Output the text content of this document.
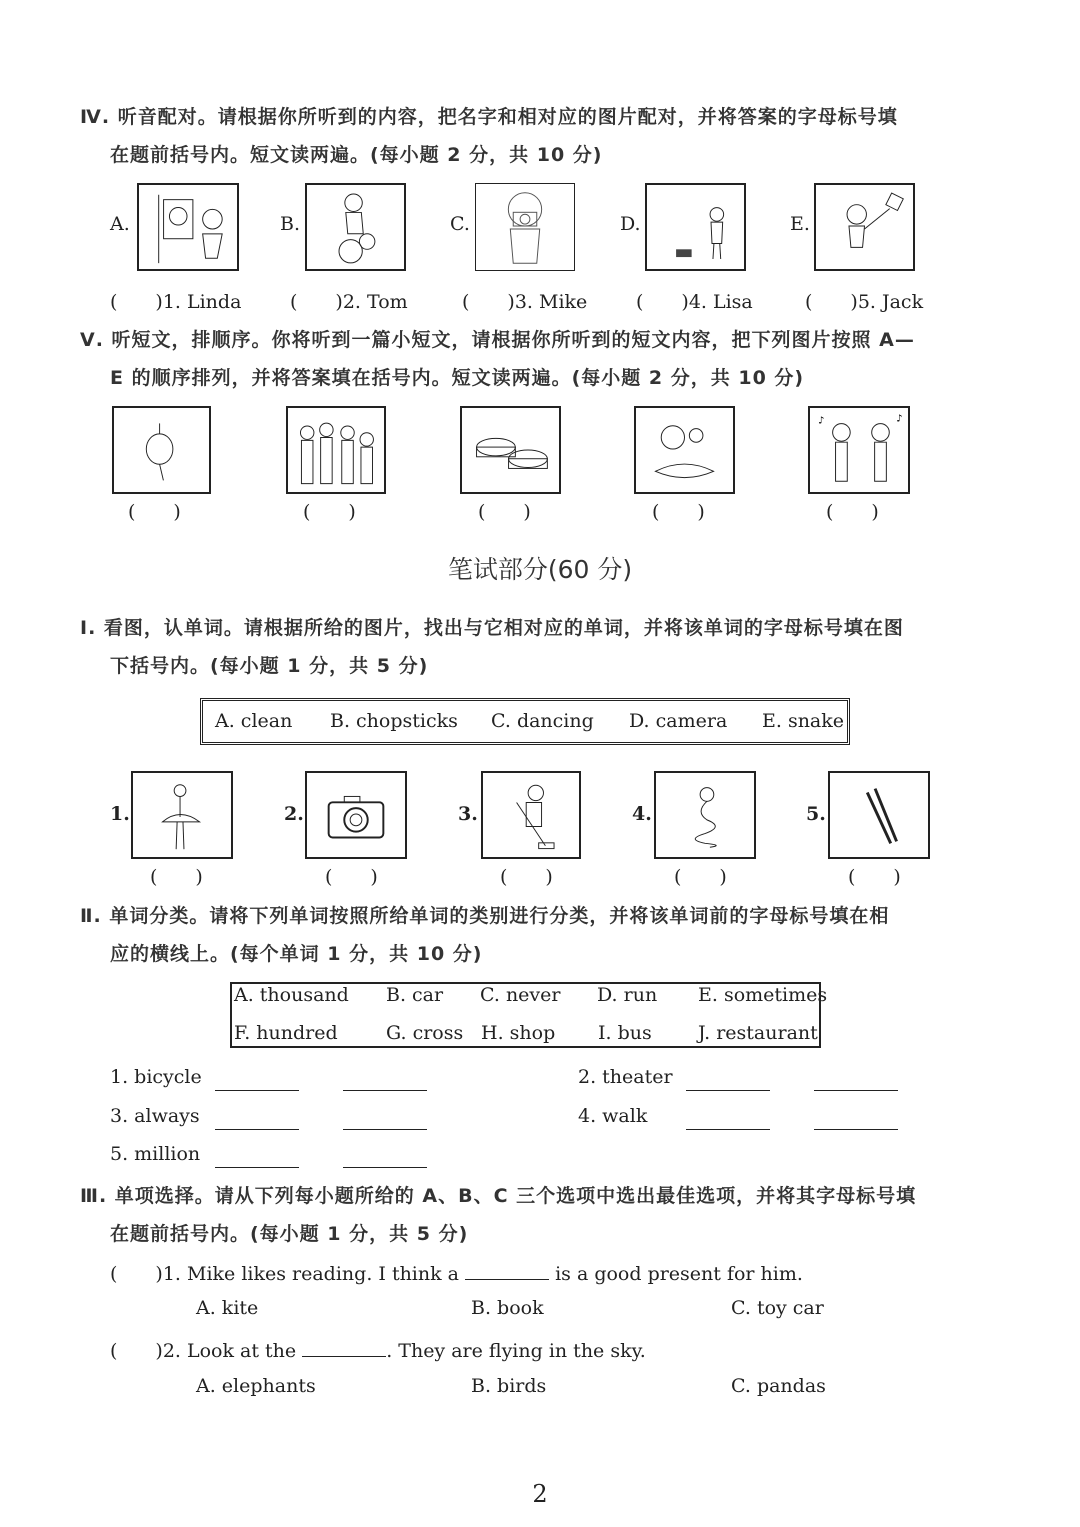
Ⅳ. 听音配对。请根据你所听到的内容，把名字和相对应的图片配对，并将答案的字母标号填
在题前括号内。短文读两遍。(每小题 2 分，共 10 分)
A.	B.	C.	D.	E.
(　　)1. Linda	(　　)2. Tom	(　　)3. Mike	(　　)4. Lisa	(　　)5. Jack
Ⅴ. 听短文，排顺序。你将听到一篇小短文，请根据你所听到的短文内容，把下列图片按照 A—
E 的顺序排列，并将答案填在括号内。短文读两遍。(每小题 2 分，共 10 分)
♪	♪
(　　)	(　　)	(　　)	(　　)	(　　)
笔试部分(60 分)
Ⅰ. 看图，认单词。请根据所给的图片，找出与它相对应的单词，并将该单词的字母标号填在图
下括号内。(每小题 1 分，共 5 分)
A. clean B. chopsticks C. dancing D. camera E. snake
1.	2.	3.	4.	5.
(　　)	(　　)	(　　)	(　　)	(　　)
Ⅱ. 单词分类。请将下列单词按照所给单词的类别进行分类，并将该单词前的字母标号填在相
应的横线上。(每个单词 1 分，共 10 分)
A. thousand B. car C. never D. run E. sometimes
F. hundred	G. cross H. shop I. bus J. restaurant
1. bicycle	2. theater
3. always	4. walk
5. million
Ⅲ. 单项选择。请从下列每小题所给的 A、B、C 三个选项中选出最佳选项，并将其字母标号填
在题前括号内。(每小题 1 分，共 5 分)
(　　)1. Mike likes reading. I think a	is a good present for him.
A. kite	B. book	C. toy car
(　　)2. Look at the	. They are flying in the sky.
A. elephants	B. birds	C. pandas
2
